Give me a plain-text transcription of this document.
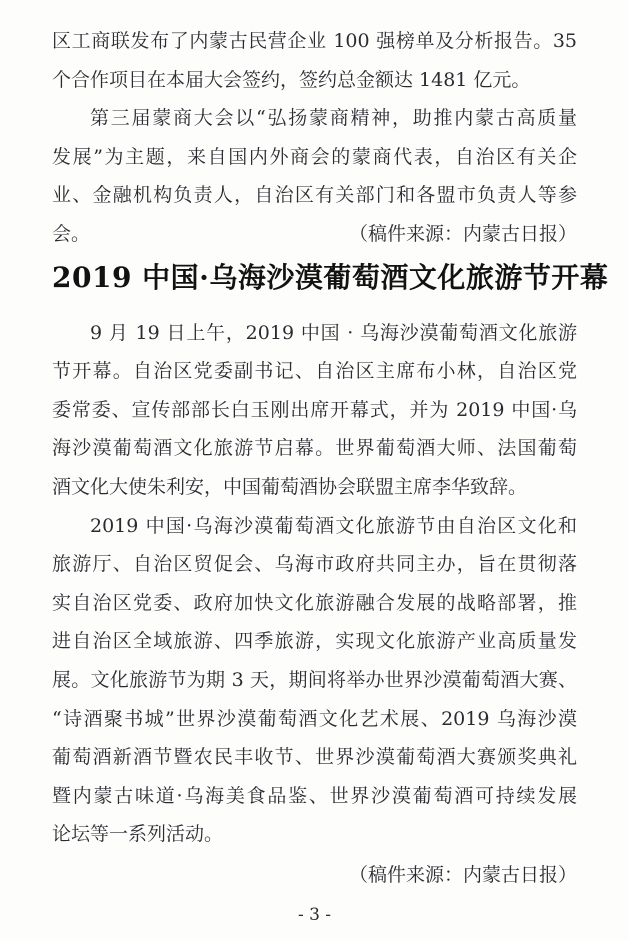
区工商联发布了内蒙古民营企业 100 强榜单及分析报告。35
个合作项目在本届大会签约，签约总金额达 1481 亿元。
第三届蒙商大会以“弘扬蒙商精神，助推内蒙古高质量
发展”为主题，来自国内外商会的蒙商代表，自治区有关企
业、金融机构负责人，自治区有关部门和各盟市负责人等参
会。	（稿件来源：内蒙古日报）
2019 中国·乌海沙漠葡萄酒文化旅游节开幕
9 月 19 日上午，2019 中国 · 乌海沙漠葡萄酒文化旅游
节开幕。自治区党委副书记、自治区主席布小林，自治区党
委常委、宣传部部长白玉刚出席开幕式，并为 2019 中国·乌
海沙漠葡萄酒文化旅游节启幕。世界葡萄酒大师、法国葡萄
酒文化大使朱利安，中国葡萄酒协会联盟主席李华致辞。
2019 中国·乌海沙漠葡萄酒文化旅游节由自治区文化和
旅游厅、自治区贸促会、乌海市政府共同主办，旨在贯彻落
实自治区党委、政府加快文化旅游融合发展的战略部署，推
进自治区全域旅游、四季旅游，实现文化旅游产业高质量发
展。文化旅游节为期 3 天，期间将举办世界沙漠葡萄酒大赛、
“诗酒聚书城”世界沙漠葡萄酒文化艺术展、2019 乌海沙漠
葡萄酒新酒节暨农民丰收节、世界沙漠葡萄酒大赛颁奖典礼
暨内蒙古味道·乌海美食品鉴、世界沙漠葡萄酒可持续发展
论坛等一系列活动。
（稿件来源：内蒙古日报）
- 3 -
